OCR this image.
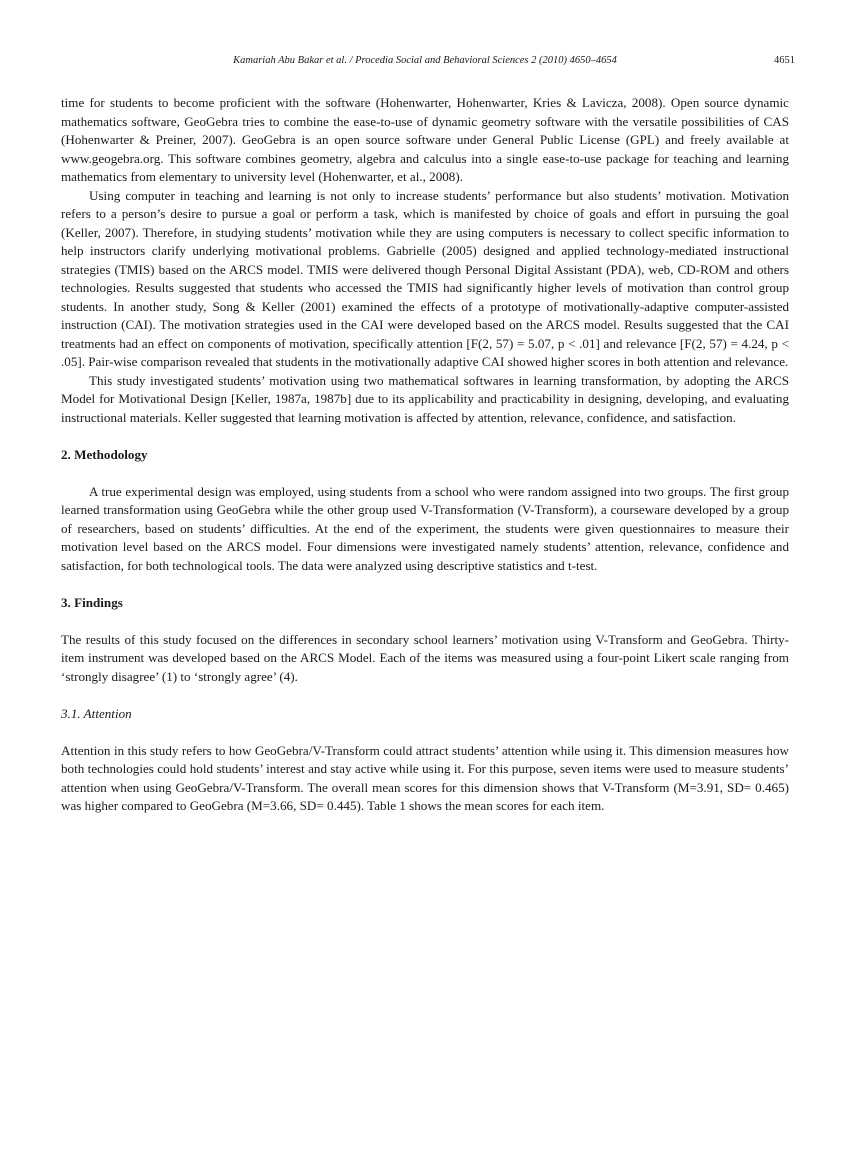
Kamariah Abu Bakar et al. / Procedia Social and Behavioral Sciences 2 (2010) 4650–4654	4651

time for students to become proficient with the software (Hohenwarter, Hohenwarter, Kries & Lavicza, 2008). Open source dynamic mathematics software, GeoGebra tries to combine the ease-to-use of dynamic geometry software with the versatile possibilities of CAS (Hohenwarter & Preiner, 2007). GeoGebra is an open source software under General Public License (GPL) and freely available at www.geogebra.org. This software combines geometry, algebra and calculus into a single ease-to-use package for teaching and learning mathematics from elementary to university level (Hohenwarter, et al., 2008).

Using computer in teaching and learning is not only to increase students’ performance but also students’ motivation. Motivation refers to a person’s desire to pursue a goal or perform a task, which is manifested by choice of goals and effort in pursuing the goal (Keller, 2007). Therefore, in studying students’ motivation while they are using computers is necessary to collect specific information to help instructors clarify underlying motivational problems. Gabrielle (2005) designed and applied technology-mediated instructional strategies (TMIS) based on the ARCS model. TMIS were delivered though Personal Digital Assistant (PDA), web, CD-ROM and others technologies. Results suggested that students who accessed the TMIS had significantly higher levels of motivation than control group students. In another study, Song & Keller (2001) examined the effects of a prototype of motivationally-adaptive computer-assisted instruction (CAI). The motivation strategies used in the CAI were developed based on the ARCS model. Results suggested that the CAI treatments had an effect on components of motivation, specifically attention [F(2, 57) = 5.07, p < .01] and relevance [F(2, 57) = 4.24, p < .05]. Pair-wise comparison revealed that students in the motivationally adaptive CAI showed higher scores in both attention and relevance.

This study investigated students’ motivation using two mathematical softwares in learning transformation, by adopting the ARCS Model for Motivational Design [Keller, 1987a, 1987b] due to its applicability and practicability in designing, developing, and evaluating instructional materials. Keller suggested that learning motivation is affected by attention, relevance, confidence, and satisfaction.

2. Methodology

A true experimental design was employed, using students from a school who were random assigned into two groups. The first group learned transformation using GeoGebra while the other group used V-Transformation (V-Transform), a courseware developed by a group of researchers, based on students’ difficulties. At the end of the experiment, the students were given questionnaires to measure their motivation level based on the ARCS model. Four dimensions were investigated namely students’ attention, relevance, confidence and satisfaction, for both technological tools. The data were analyzed using descriptive statistics and t-test.

3. Findings

The results of this study focused on the differences in secondary school learners’ motivation using V-Transform and GeoGebra. Thirty-item instrument was developed based on the ARCS Model. Each of the items was measured using a four-point Likert scale ranging from ‘strongly disagree’ (1) to ‘strongly agree’ (4).

3.1. Attention

Attention in this study refers to how GeoGebra/V-Transform could attract students’ attention while using it. This dimension measures how both technologies could hold students’ interest and stay active while using it. For this purpose, seven items were used to measure students’ attention when using GeoGebra/V-Transform. The overall mean scores for this dimension shows that V-Transform (M=3.91, SD= 0.465) was higher compared to GeoGebra (M=3.66, SD= 0.445). Table 1 shows the mean scores for each item.
